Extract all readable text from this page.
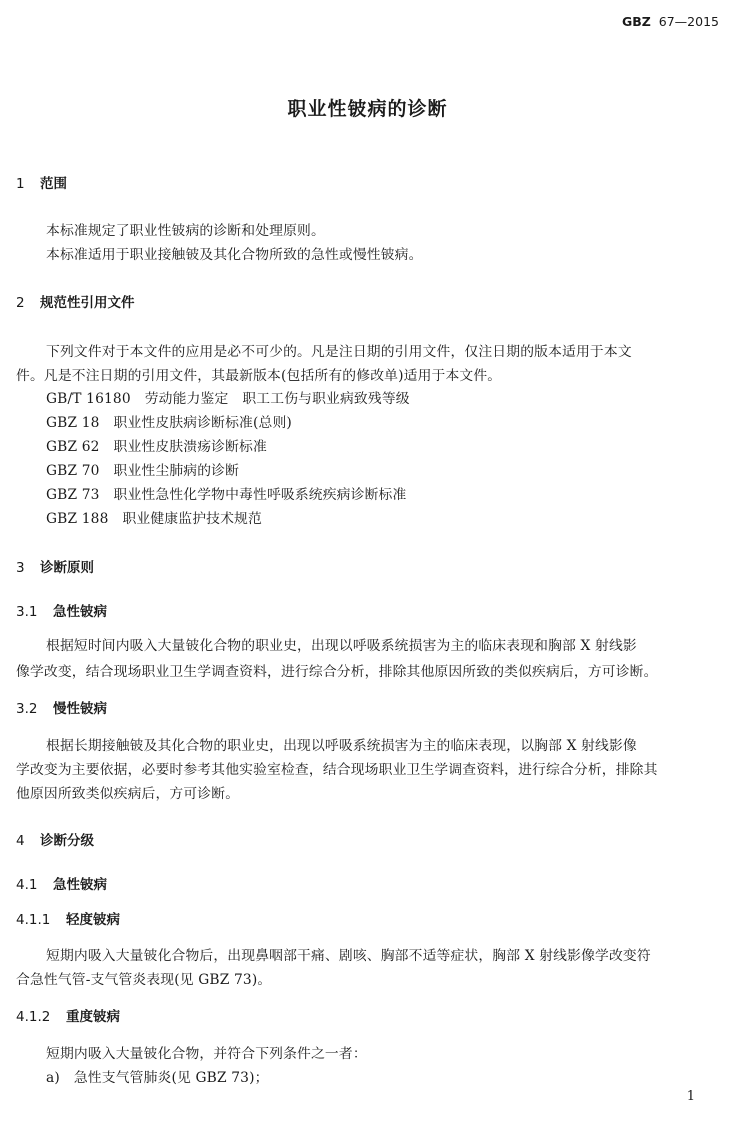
GBZ 67—2015
职业性铍病的诊断
1 范围
本标准规定了职业性铍病的诊断和处理原则。
本标准适用于职业接触铍及其化合物所致的急性或慢性铍病。
2 规范性引用文件
下列文件对于本文件的应用是必不可少的。凡是注日期的引用文件，仅注日期的版本适用于本文
件。凡是不注日期的引用文件，其最新版本(包括所有的修改单)适用于本文件。
GB/T 16180　劳动能力鉴定　职工工伤与职业病致残等级
GBZ 18　职业性皮肤病诊断标准(总则)
GBZ 62　职业性皮肤溃疡诊断标准
GBZ 70　职业性尘肺病的诊断
GBZ 73　职业性急性化学物中毒性呼吸系统疾病诊断标准
GBZ 188　职业健康监护技术规范
3 诊断原则
3.1 急性铍病
根据短时间内吸入大量铍化合物的职业史，出现以呼吸系统损害为主的临床表现和胸部 X 射线影
像学改变，结合现场职业卫生学调查资料，进行综合分析，排除其他原因所致的类似疾病后，方可诊断。
3.2 慢性铍病
根据长期接触铍及其化合物的职业史，出现以呼吸系统损害为主的临床表现，以胸部 X 射线影像
学改变为主要依据，必要时参考其他实验室检查，结合现场职业卫生学调查资料，进行综合分析，排除其
他原因所致类似疾病后，方可诊断。
4 诊断分级
4.1 急性铍病
4.1.1 轻度铍病
短期内吸入大量铍化合物后，出现鼻咽部干痛、剧咳、胸部不适等症状，胸部 X 射线影像学改变符
合急性气管-支气管炎表现(见 GBZ 73)。
4.1.2 重度铍病
短期内吸入大量铍化合物，并符合下列条件之一者：
a)　急性支气管肺炎(见 GBZ 73)；
1
